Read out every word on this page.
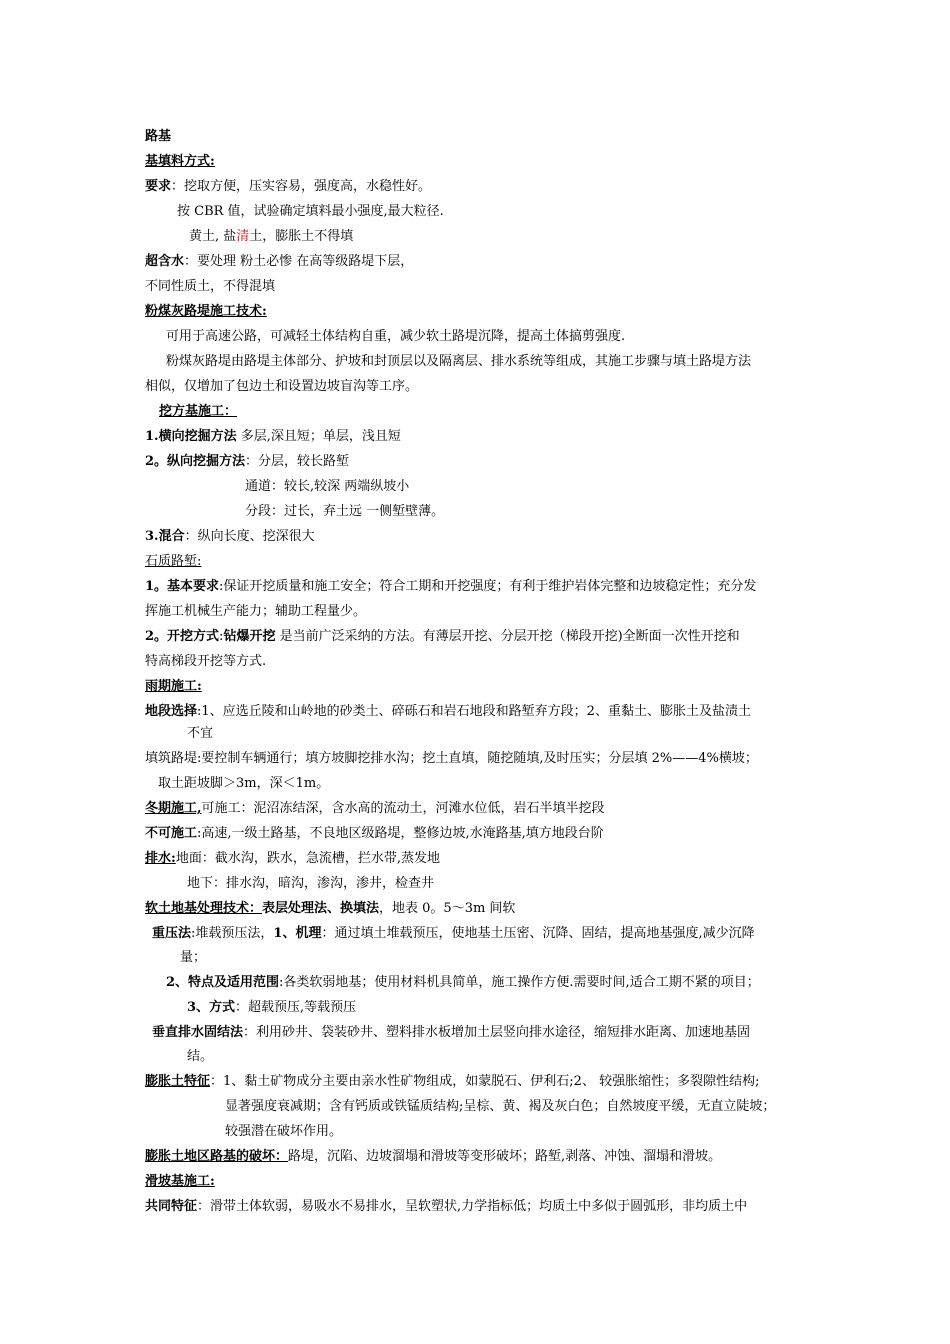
路基
基填料方式:
要求：挖取方便，压实容易，强度高，水稳性好。
按 CBR 值，试验确定填料最小强度,最大粒径.
黄土, 盐清土，膨胀土不得填
超含水：要处理 粉土必惨 在高等级路堤下层，
不同性质土，不得混填
粉煤灰路堤施工技术:
可用于高速公路，可减轻土体结构自重，减少软土路堤沉降，提高土体搞剪强度.
粉煤灰路堤由路堤主体部分、护坡和封顶层以及隔离层、排水系统等组成，其施工步骤与填土路堤方法
相似，仅增加了包边土和设置边坡盲沟等工序。
挖方基施工：
1.横向挖掘方法 多层,深且短；单层，浅且短
2。纵向挖掘方法：分层，较长路堑
通道：较长,较深 两端纵坡小
分段：过长，弃土远 一侧堑壁薄。
3.混合：纵向长度、挖深很大
石质路堑:
1。基本要求:保证开挖质量和施工安全；符合工期和开挖强度；有利于维护岩体完整和边坡稳定性；充分发
挥施工机械生产能力；辅助工程量少。
2。开挖方式:钻爆开挖 是当前广泛采纳的方法。有薄层开挖、分层开挖（梯段开挖)全断面一次性开挖和
特高梯段开挖等方式.
雨期施工:
地段选择:1、应选丘陵和山岭地的砂类土、碎砾石和岩石地段和路堑弃方段；2、重黏土、膨胀土及盐渍土
不宜
填筑路堤:要控制车辆通行；填方坡脚挖排水沟；挖土直填，随挖随填,及时压实；分层填 2%——4%横坡；
取土距坡脚＞3m，深＜1m。
冬期施工,可施工：泥沼冻结深，含水高的流动土，河滩水位低，岩石半填半挖段
不可施工:高速,一级土路基，不良地区级路堤，整修边坡,水淹路基,填方地段台阶
排水:地面：截水沟，跌水，急流槽，拦水带,蒸发地
地下：排水沟，暗沟，渗沟，渗井，检查井
软土地基处理技术：表层处理法、换填法，地表 0。5～3m 间软
重压法:堆载预压法，1、机理：通过填土堆载预压，使地基土压密、沉降、固结，提高地基强度,减少沉降
量；
2、特点及适用范围:各类软弱地基；使用材料机具简单，施工操作方便.需要时间,适合工期不紧的项目；
3、方式：超载预压,等载预压
垂直排水固结法：利用砂井、袋装砂井、塑料排水板增加土层竖向排水途径，缩短排水距离、加速地基固
结。
膨胀土特征：1、黏土矿物成分主要由亲水性矿物组成，如蒙脱石、伊利石;2、 较强胀缩性；多裂隙性结构;
显著强度衰减期；含有钙质或铁锰质结构;呈棕、黄、褐及灰白色；自然坡度平缓，无直立陡坡；
较强潜在破坏作用。
膨胀土地区路基的破坏：路堤，沉陷、边坡溜塌和滑坡等变形破坏；路堑,剥落、冲蚀、溜塌和滑坡。
滑坡基施工:
共同特征：滑带土体软弱，易吸水不易排水，呈软塑状,力学指标低；均质土中多似于圆弧形，非均质土中
